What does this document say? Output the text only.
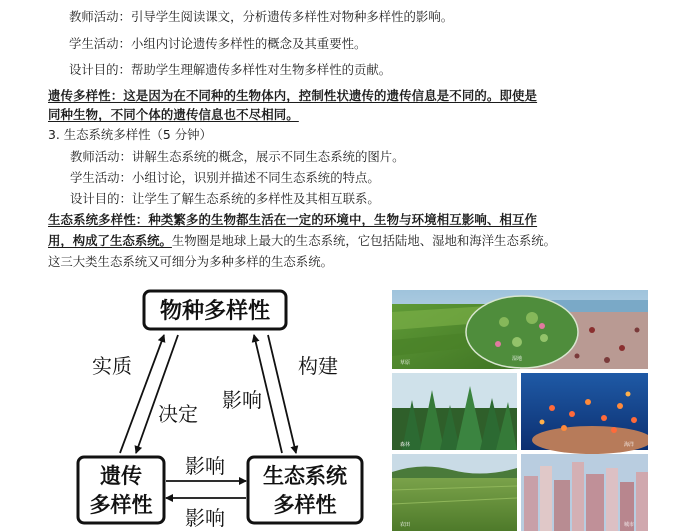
教师活动：引导学生阅读课文，分析遗传多样性对物种多样性的影响。
学生活动：小组内讨论遗传多样性的概念及其重要性。
设计目的：帮助学生理解遗传多样性对生物多样性的贡献。
遗传多样性：这是因为在不同种的生物体内，控制性状遗传的遗传信息是不同的。即使是
同种生物，不同个体的遗传信息也不尽相同。
3. 生态系统多样性（5 分钟）
教师活动：讲解生态系统的概念，展示不同生态系统的图片。
学生活动：小组讨论，识别并描述不同生态系统的特点。
设计目的：让学生了解生态系统的多样性及其相互联系。
生态系统多样性：种类繁多的生物都生活在一定的环境中，生物与环境相互影响、相互作
用，构成了生态系统。生物圈是地球上最大的生态系统，它包括陆地、湿地和海洋生态系统。
这三大类生态系统又可细分为多种多样的生态系统。
物种多样性
遗传
多样性
生态系统
多样性
实质	构建
决定
影响
影响
影响
草原
湿地
森林	海洋
农田	城市
